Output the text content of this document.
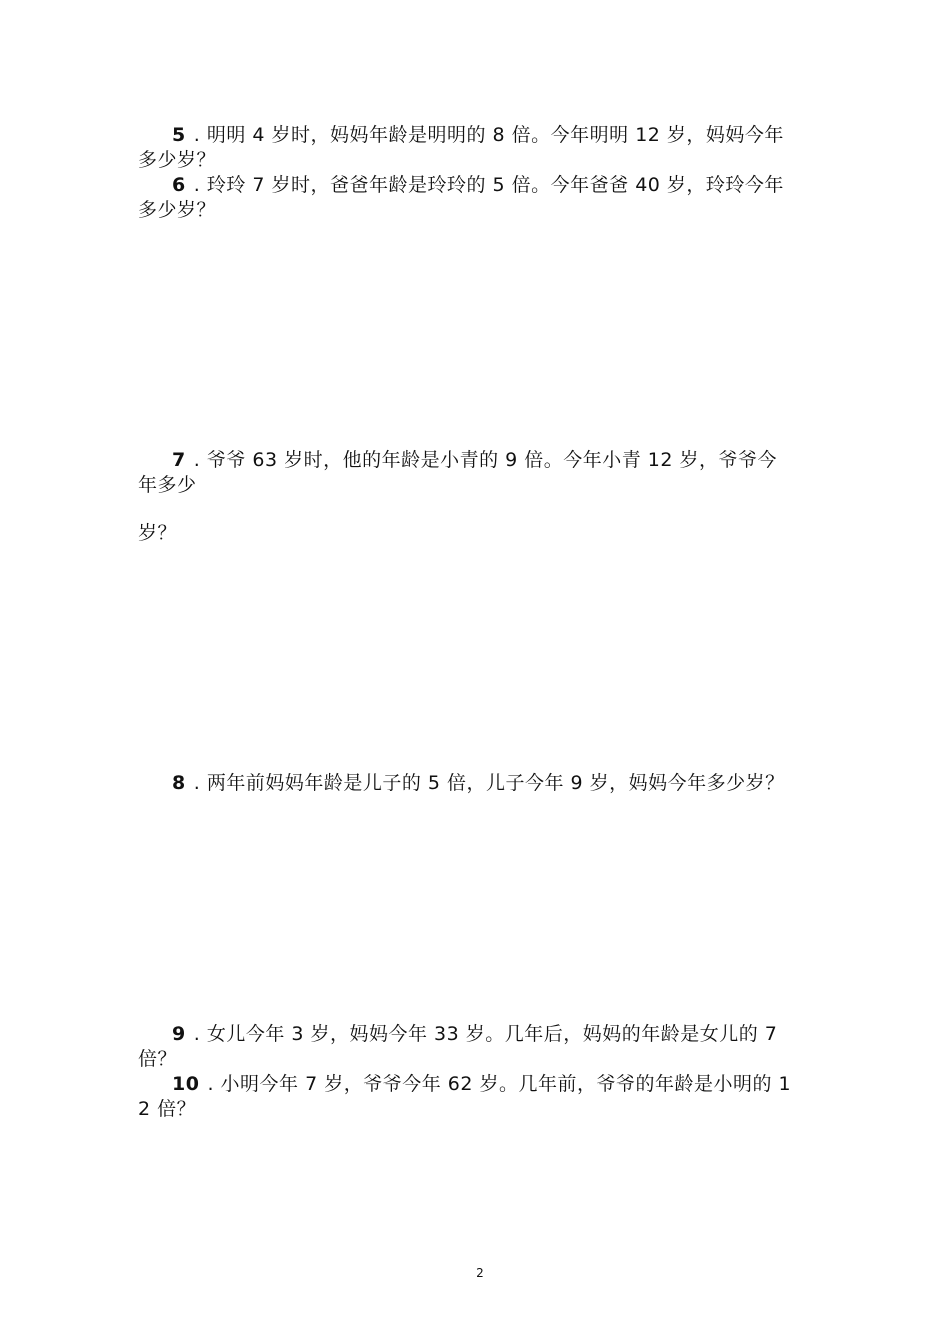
5 . 明明 4 岁时，妈妈年龄是明明的 8 倍。今年明明 12 岁，妈妈今年
多少岁？
6 . 玲玲 7 岁时，爸爸年龄是玲玲的 5 倍。今年爸爸 40 岁，玲玲今年
多少岁？
7 . 爷爷 63 岁时，他的年龄是小青的 9 倍。今年小青 12 岁，爷爷今
年多少
岁？
8 . 两年前妈妈年龄是儿子的 5 倍，儿子今年 9 岁，妈妈今年多少岁？
9 . 女儿今年 3 岁，妈妈今年 33 岁。几年后，妈妈的年龄是女儿的 7
倍？
10 . 小明今年 7 岁，爷爷今年 62 岁。几年前，爷爷的年龄是小明的 1
2 倍？
2
